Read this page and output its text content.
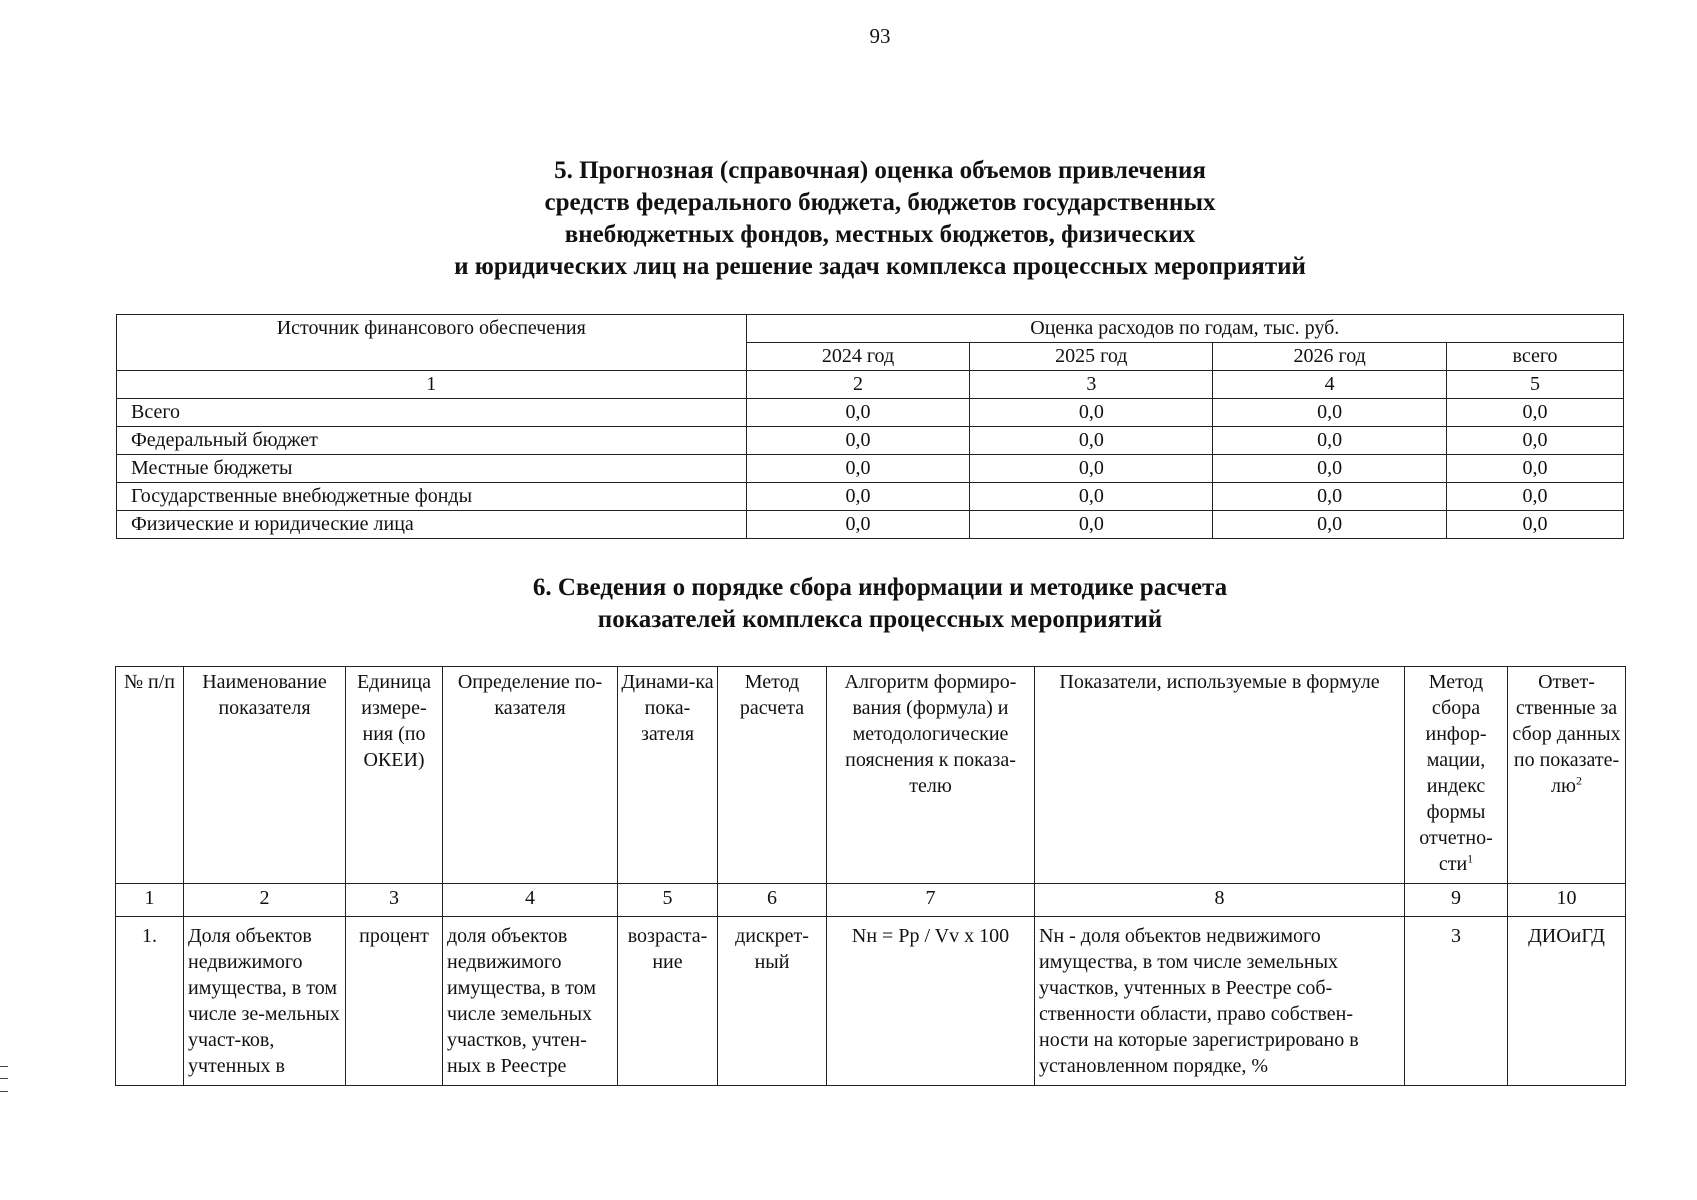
93
5. Прогнозная (справочная) оценка объемов привлечения
средств федерального бюджета, бюджетов государственных
внебюджетных фондов, местных бюджетов, физических
и юридических лиц на решение задач комплекса процессных мероприятий
Источник финансового обеспечения	Оценка расходов по годам, тыс. руб.			
	2024 год	2025 год	2026 год	всего
1	2	3	4	5
Всего	0,0	0,0	0,0	0,0
Федеральный бюджет	0,0	0,0	0,0	0,0
Местные бюджеты	0,0	0,0	0,0	0,0
Государственные внебюджетные фонды	0,0	0,0	0,0	0,0
Физические и юридические лица	0,0	0,0	0,0	0,0
6. Сведения о порядке сбора информации и методике расчета
показателей комплекса процессных мероприятий
№ п/п	Наименование показателя	Единица измере-ния (по ОКЕИ)	Определение по-казателя	Динами-ка пока-зателя	Метод расчета	Алгоритм формиро-вания (формула) и методологические пояснения к показа-телю	Показатели, используемые в формуле	Метод сбора инфор-мации, индекс формы отчетно-сти$^1$	Ответ-ственные за сбор данных по показате-$лю^2$
1	2	3	4	5	6	7	8	9	10
1.	Доля объектов недвижимого имущества, в том числе зе-мельных участ-ков, учтенных в	процент	доля объектов недвижимого имущества, в том числе земельных участков, учтен-ных в Реестре	возраста-ние	дискрет-ный	Nн = Pp / Vv x 100	Nн - доля объектов недвижимого имущества, в том числе земельных участков, учтенных в Реестре соб-ственности области, право собствен-ности на которые зарегистрировано в установленном порядке, %	3	ДИОиГД
